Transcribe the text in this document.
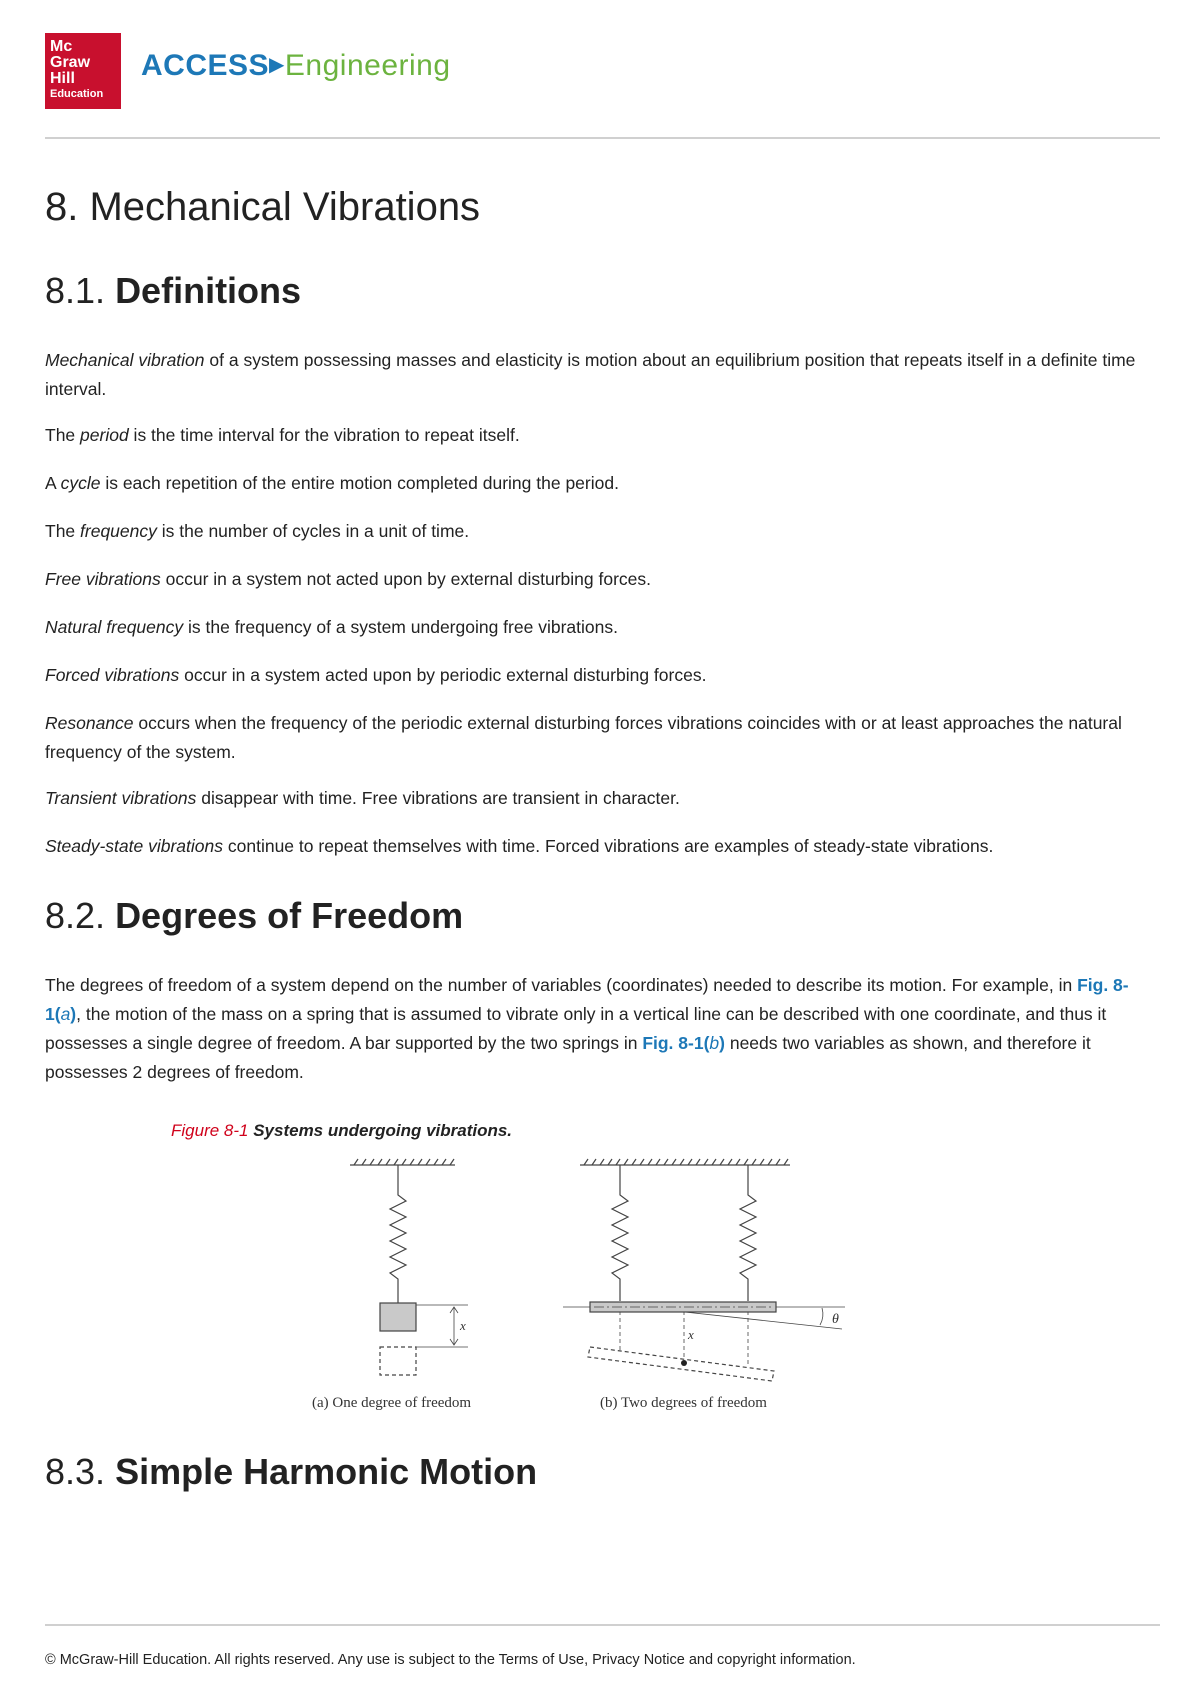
Mc
Graw
Hill

Education
ACCESS▶Engineering
8. Mechanical Vibrations
8.1. Definitions

Mechanical vibration of a system possessing masses and elasticity is motion about an equilibrium position that repeats itself in a definite time interval.

The period is the time interval for the vibration to repeat itself.

A cycle is each repetition of the entire motion completed during the period.

The frequency is the number of cycles in a unit of time.

Free vibrations occur in a system not acted upon by external disturbing forces.

Natural frequency is the frequency of a system undergoing free vibrations.

Forced vibrations occur in a system acted upon by periodic external disturbing forces.

Resonance occurs when the frequency of the periodic external disturbing forces vibrations coincides with or at least approaches the natural frequency of the system.

Transient vibrations disappear with time. Free vibrations are transient in character.

Steady-state vibrations continue to repeat themselves with time. Forced vibrations are examples of steady-state vibrations.

8.2. Degrees of Freedom

The degrees of freedom of a system depend on the number of variables (coordinates) needed to describe its motion. For example, in Fig. 8-1(a), the motion of the mass on a spring that is assumed to vibrate only in a vertical line can be described with one coordinate, and thus it possesses a single degree of freedom. A bar supported by the two springs in Fig. 8-1(b) needs two variables as shown, and therefore it possesses 2 degrees of freedom.

Figure 8-1 Systems undergoing vibrations.
x
x
θ
(a) One degree of freedom	(b) Two degrees of freedom
8.3. Simple Harmonic Motion
© McGraw-Hill Education. All rights reserved. Any use is subject to the Terms of Use, Privacy Notice and copyright information.
